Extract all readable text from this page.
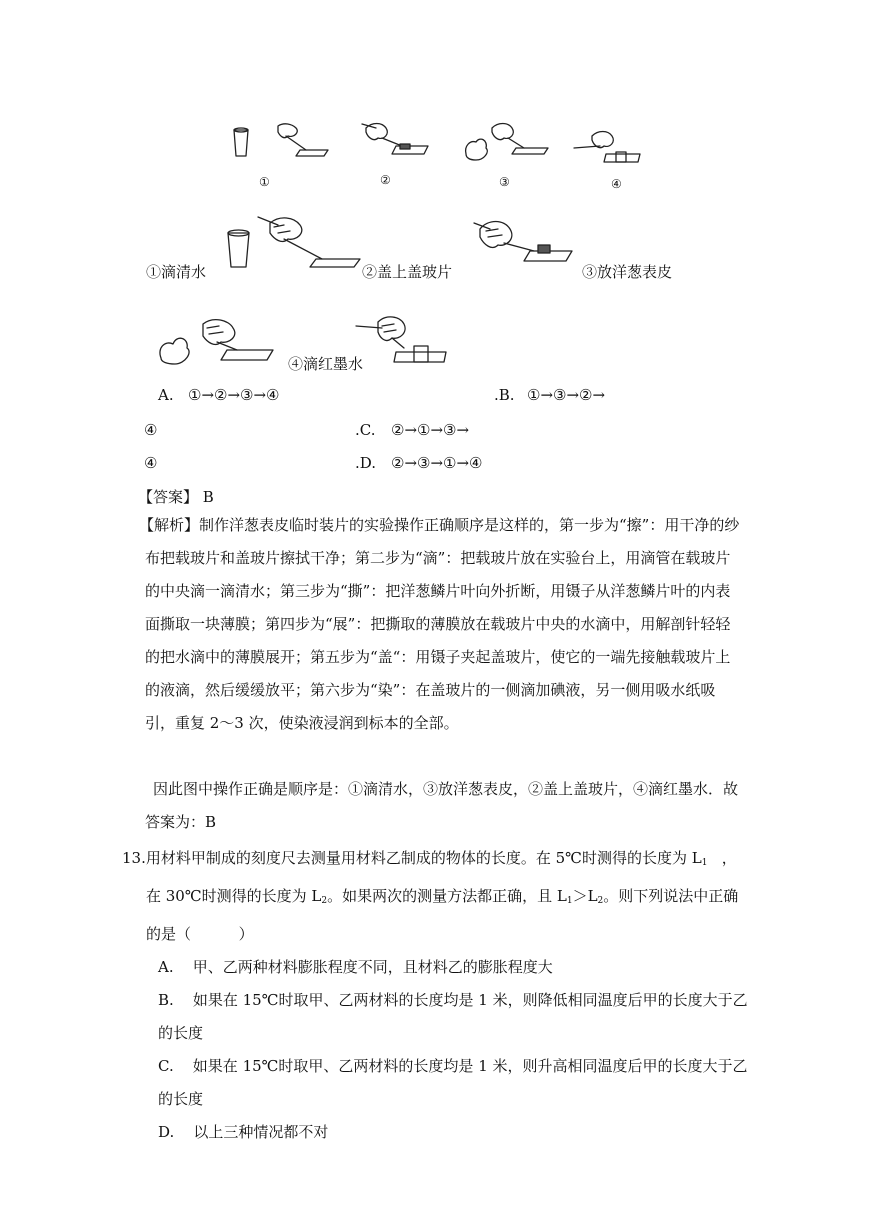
①	②	③	④
①滴清水	②盖上盖玻片	③放洋葱表皮
④滴红墨水
A. ①→②→③→④	.B. ①→③→②→
④	.C. ②→①→③→
④	.D. ②→③→①→④
【答案】 B
【解析】制作洋葱表皮临时装片的实验操作正确顺序是这样的，第一步为“擦”：用干净的纱布把载玻片和盖玻片擦拭干净；第二步为“滴”：把载玻片放在实验台上，用滴管在载玻片的中央滴一滴清水；第三步为“撕”：把洋葱鳞片叶向外折断，用镊子从洋葱鳞片叶的内表面撕取一块薄膜；第四步为“展”：把撕取的薄膜放在载玻片中央的水滴中，用解剖针轻轻的把水滴中的薄膜展开；第五步为“盖“：用镊子夹起盖玻片，使它的一端先接触载玻片上的液滴，然后缓缓放平；第六步为“染”：在盖玻片的一侧滴加碘液，另一侧用吸水纸吸引，重复 2～3 次，使染液浸润到标本的全部。
因此图中操作正确是顺序是：①滴清水，③放洋葱表皮，②盖上盖玻片，④滴红墨水．故答案为：B
13.用材料甲制成的刻度尺去测量用材料乙制成的物体的长度。在 5℃时测得的长度为 $L_1$ ，
在 30℃时测得的长度为 $L_2$。如果两次的测量方法都正确，且 $L_1>L_2$。则下列说法中正确
的是（          ）
A. 甲、乙两种材料膨胀程度不同，且材料乙的膨胀程度大
B. 如果在 15℃时取甲、乙两材料的长度均是 1 米，则降低相同温度后甲的长度大于乙
的长度
C. 如果在 15℃时取甲、乙两材料的长度均是 1 米，则升高相同温度后甲的长度大于乙
的长度
D. 以上三种情况都不对
